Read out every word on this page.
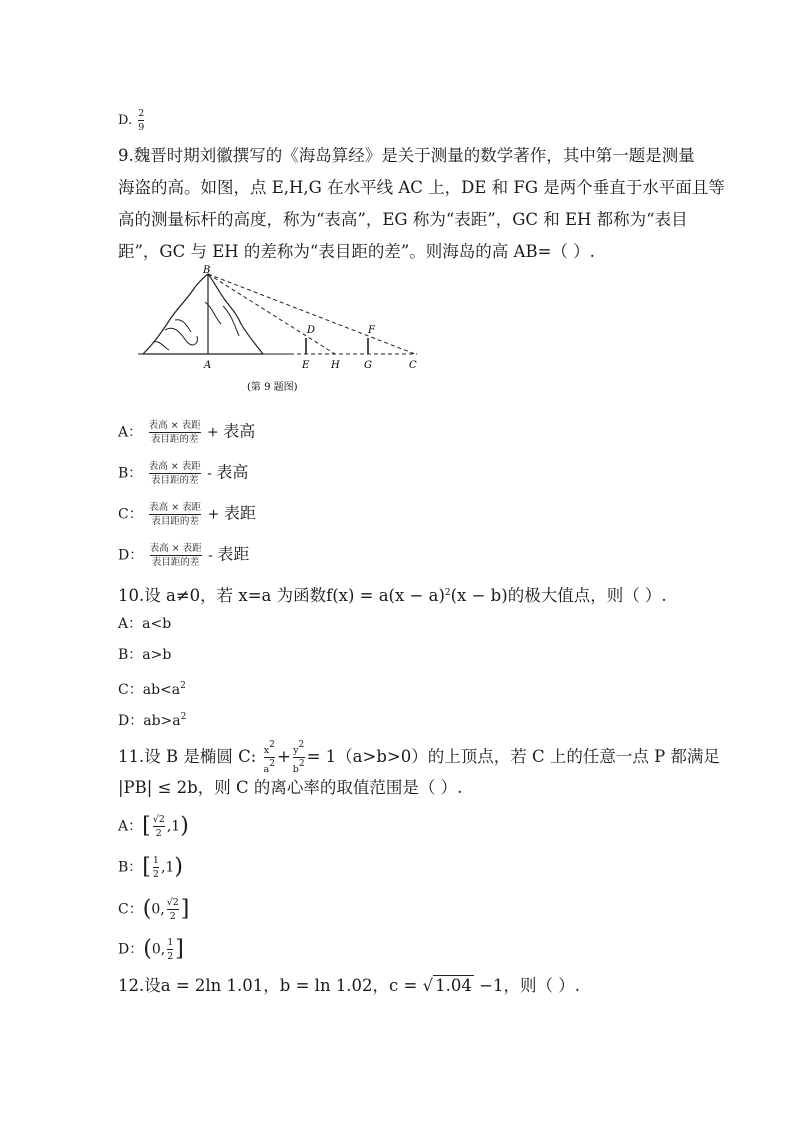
D. $\frac{2}{9}$
9.魏晋时期刘徽撰写的《海岛算经》是关于测量的数学著作，其中第一题是测量
海盗的高。如图，点 E,H,G 在水平线 AC 上，DE 和 FG 是两个垂直于水平面且等
高的测量标杆的高度，称为“表高”，EG 称为“表距”，GC 和 EH 都称为“表目
距”，GC 与 EH 的差称为“表目距的差”。则海岛的高 AB=（ ）.
B
A
D
E H
F
G	C
(第 9 题图)
A： $\frac{\text{表高 × 表距}}{\text{表目距的差}}$ + 表高
B： $\frac{\text{表高 × 表距}}{\text{表目距的差}}$ - 表高
C： $\frac{\text{表高 × 表距}}{\text{表目距的差}}$ + 表距
D： $\frac{\text{表高 × 表距}}{\text{表目距的差}}$ - 表距
10.设 a≠0，若 x=a 为函数$f(x) = a(x - a)^2(x - b)$的极大值点，则（ ）.
A：a<b
B：a>b
C：$ab<a^2$
D：$ab>a^2$
11.设 B 是椭圆 C: $\frac{x^2}{a^2} + \frac{y^2}{b^2} = 1(a>b>0)$的上顶点，若 C 上的任意一点 P 都满足
|PB| ≤ 2b，则 C 的离心率的取值范围是（ ）.
A：[ $\frac{√2}{2} ,1$)
B：[ $\frac{1}{2} ,1$)
C：(0, $\frac{√2}{2}$ ]
D：(0, $\frac{1}{2}$ ]
12.设a = 2ln 1.01，b = ln 1.02，c = √ 1.04 −1，则（ ）.
